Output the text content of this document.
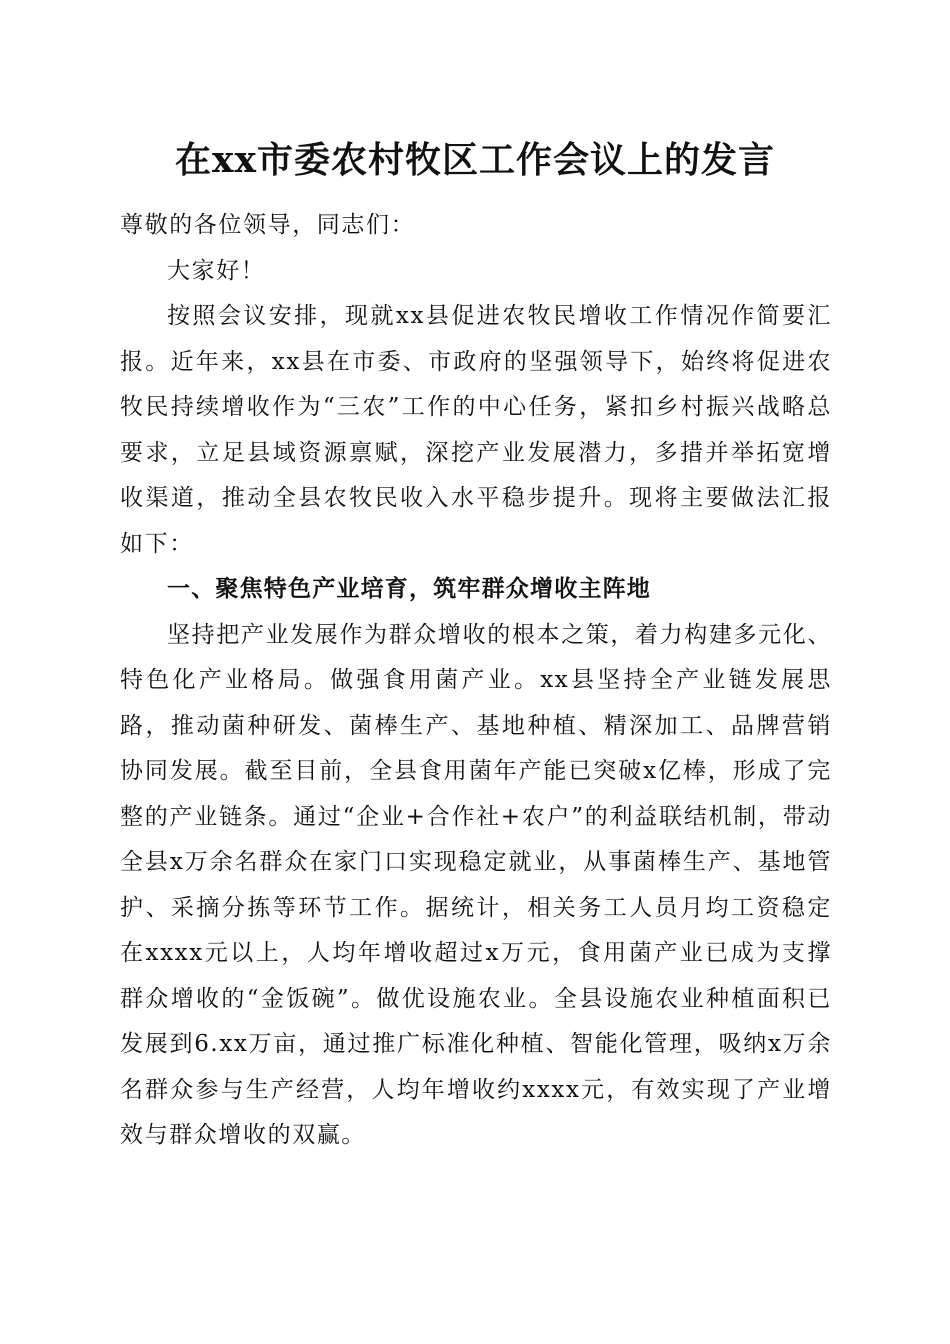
在xx市委农村牧区工作会议上的发言

尊敬的各位领导，同志们：

大家好！

按照会议安排，现就xx县促进农牧民增收工作情况作简要汇报。近年来，xx县在市委、市政府的坚强领导下，始终将促进农牧民持续增收作为“三农”工作的中心任务，紧扣乡村振兴战略总要求，立足县域资源禀赋，深挖产业发展潜力，多措并举拓宽增收渠道，推动全县农牧民收入水平稳步提升。现将主要做法汇报如下：

一、聚焦特色产业培育，筑牢群众增收主阵地

坚持把产业发展作为群众增收的根本之策，着力构建多元化、特色化产业格局。做强食用菌产业。xx县坚持全产业链发展思路，推动菌种研发、菌棒生产、基地种植、精深加工、品牌营销协同发展。截至目前，全县食用菌年产能已突破x亿棒，形成了完整的产业链条。通过“企业+合作社+农户”的利益联结机制，带动全县x万余名群众在家门口实现稳定就业，从事菌棒生产、基地管护、采摘分拣等环节工作。据统计，相关务工人员月均工资稳定在xxxx元以上，人均年增收超过x万元，食用菌产业已成为支撑群众增收的“金饭碗”。做优设施农业。全县设施农业种植面积已发展到6.xx万亩，通过推广标准化种植、智能化管理，吸纳x万余名群众参与生产经营，人均年增收约xxxx元，有效实现了产业增效与群众增收的双赢。
